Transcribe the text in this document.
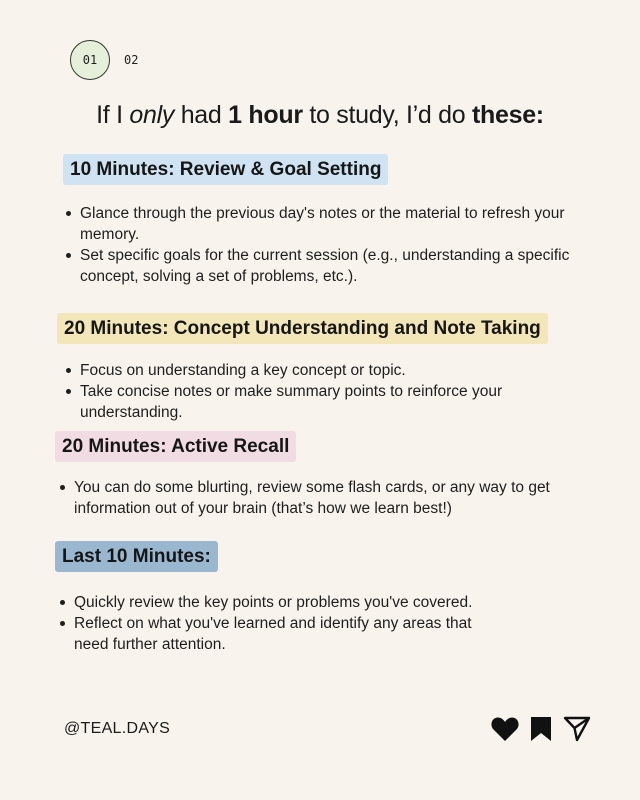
01	02
If I only had 1 hour to study, I’d do these:
10 Minutes: Review & Goal Setting
Glance through the previous day's notes or the material to refresh your memory.
Set specific goals for the current session (e.g., understanding a specific concept, solving a set of problems, etc.).
20 Minutes: Concept Understanding and Note Taking
Focus on understanding a key concept or topic.
Take concise notes or make summary points to reinforce your understanding.
20 Minutes: Active Recall
You can do some blurting, review some flash cards, or any way to get information out of your brain (that’s how we learn best!)
Last 10 Minutes:
Quickly review the key points or problems you've covered.
Reflect on what you've learned and identify any areas that need further attention.
@TEAL.DAYS
